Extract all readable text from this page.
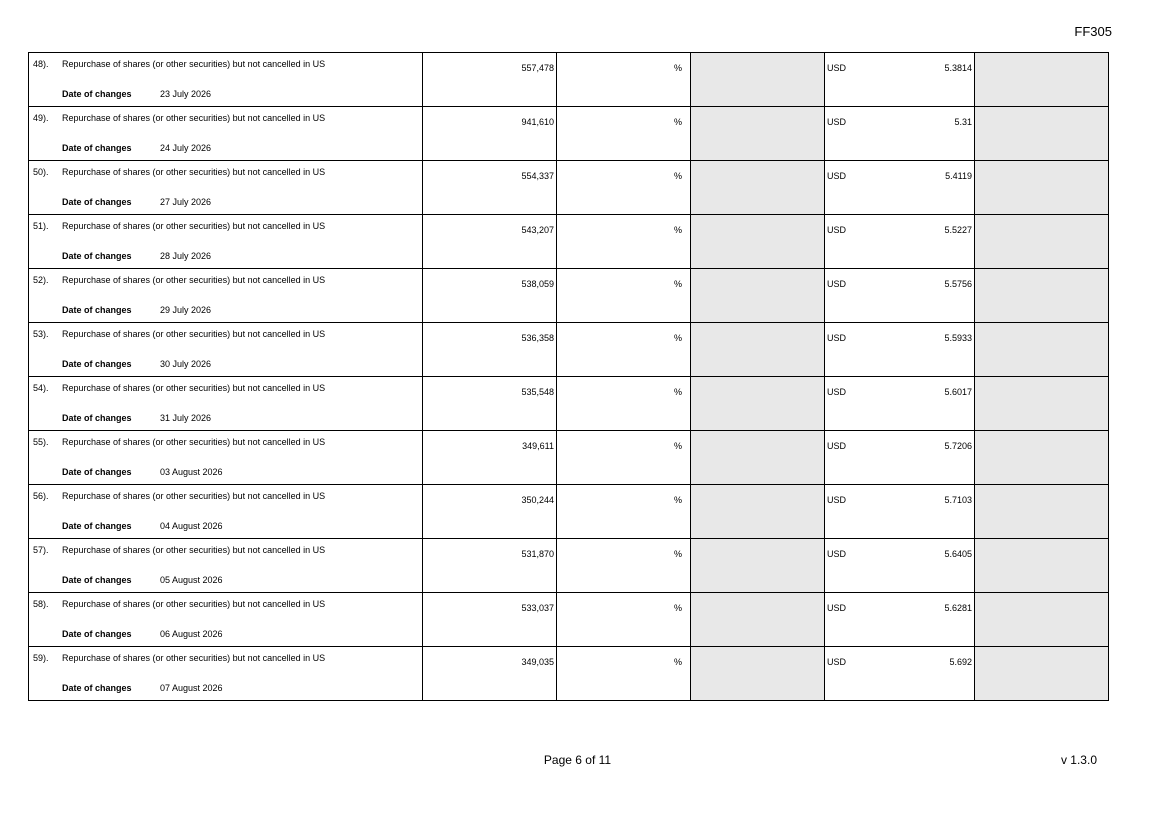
FF305
48). Repurchase of shares (or other securities) but not cancelled in US
Date of changes 23 July 2026	557,478	%		USD 5.3814	

49). Repurchase of shares (or other securities) but not cancelled in US
Date of changes 24 July 2026	941,610	%		USD 5.31	

50). Repurchase of shares (or other securities) but not cancelled in US
Date of changes 27 July 2026	554,337	%		USD 5.4119	

51). Repurchase of shares (or other securities) but not cancelled in US
Date of changes 28 July 2026	543,207	%		USD 5.5227	

52). Repurchase of shares (or other securities) but not cancelled in US
Date of changes 29 July 2026	538,059	%		USD 5.5756	

53). Repurchase of shares (or other securities) but not cancelled in US
Date of changes 30 July 2026	536,358	%		USD 5.5933	

54). Repurchase of shares (or other securities) but not cancelled in US
Date of changes 31 July 2026	535,548	%		USD 5.6017	

55). Repurchase of shares (or other securities) but not cancelled in US
Date of changes 03 August 2026	349,611	%		USD 5.7206	

56). Repurchase of shares (or other securities) but not cancelled in US
Date of changes 04 August 2026	350,244	%		USD 5.7103	

57). Repurchase of shares (or other securities) but not cancelled in US
Date of changes 05 August 2026	531,870	%		USD 5.6405	

58). Repurchase of shares (or other securities) but not cancelled in US
Date of changes 06 August 2026	533,037	%		USD 5.6281	

59). Repurchase of shares (or other securities) but not cancelled in US
Date of changes 07 August 2026	349,035	%		USD 5.692	

Page 6 of 11	v 1.3.0
